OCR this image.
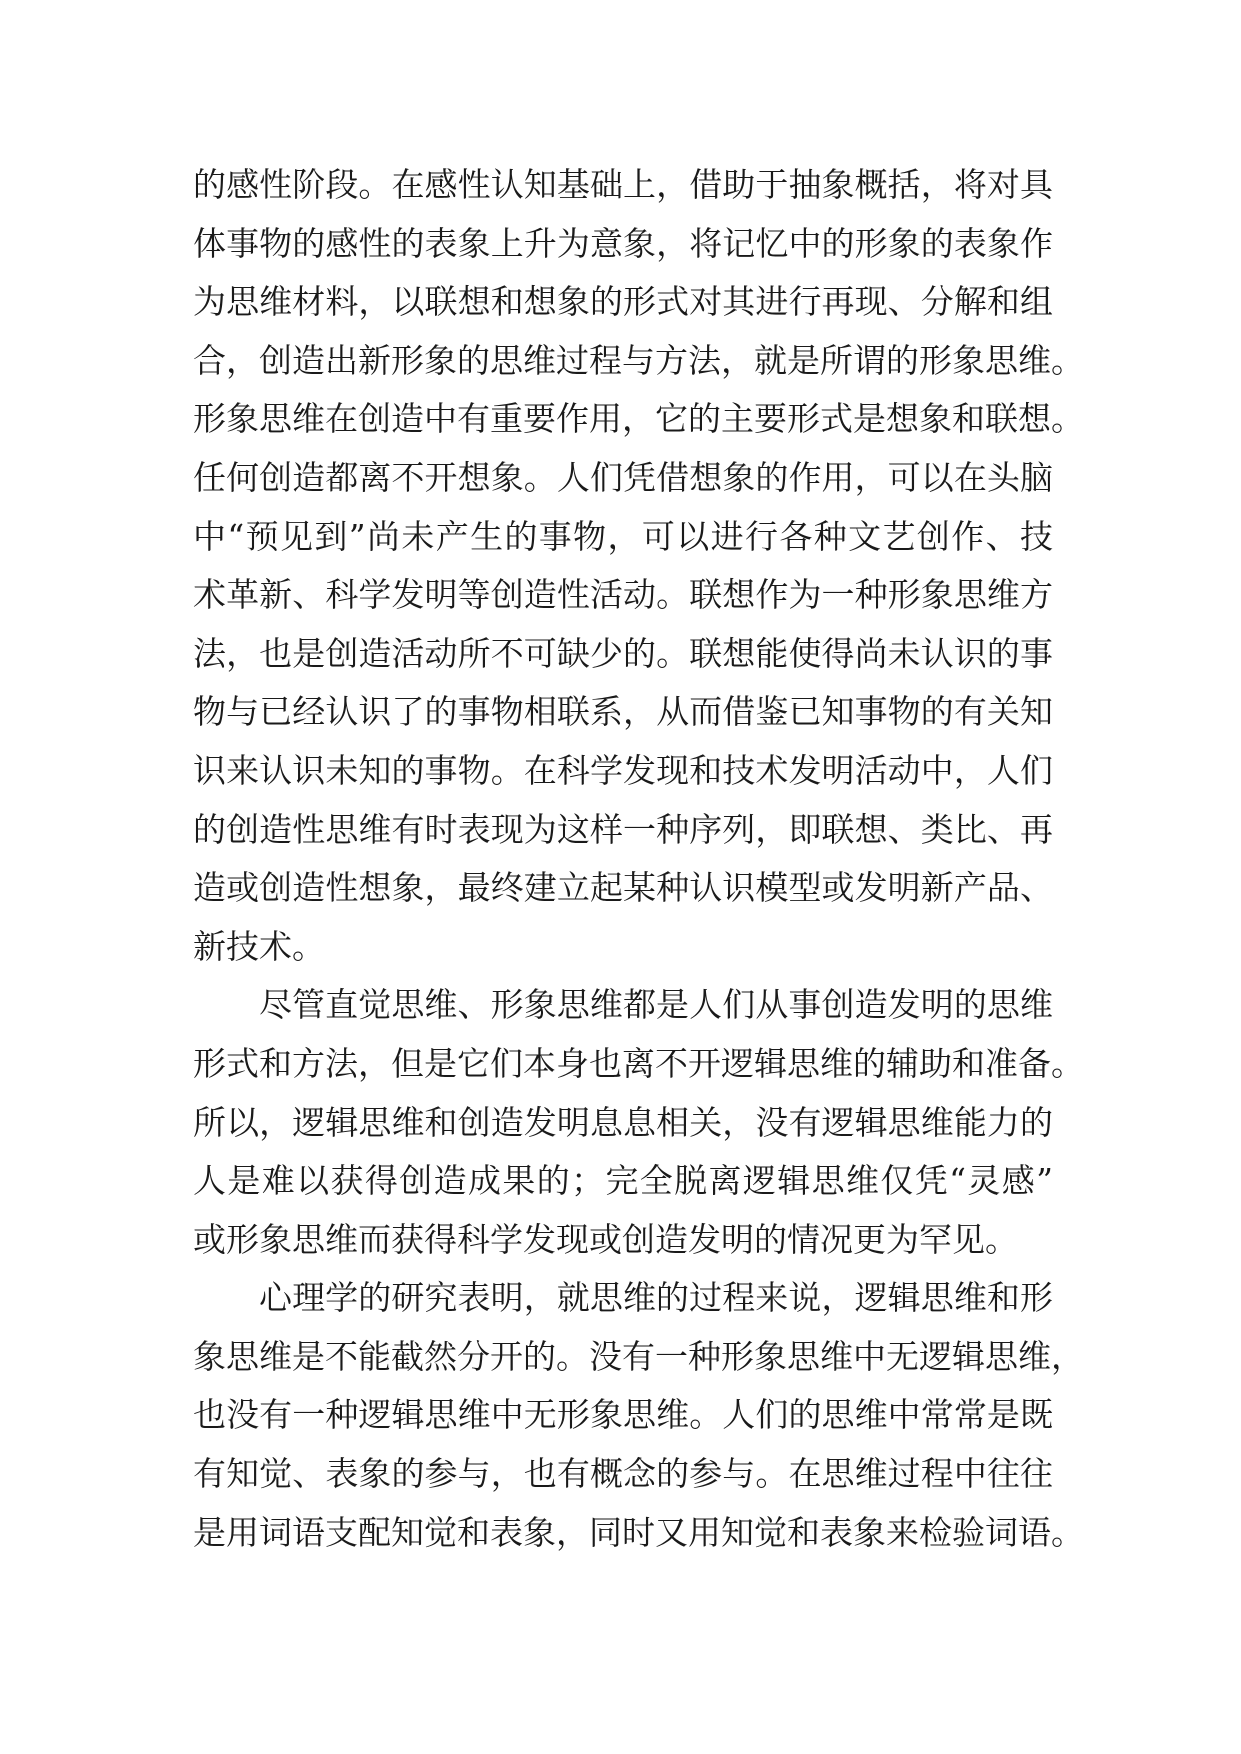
的感性阶段。在感性认知基础上，借助于抽象概括，将对具
体事物的感性的表象上升为意象，将记忆中的形象的表象作
为思维材料，以联想和想象的形式对其进行再现、分解和组
合，创造出新形象的思维过程与方法，就是所谓的形象思维。
形象思维在创造中有重要作用，它的主要形式是想象和联想。
任何创造都离不开想象。人们凭借想象的作用，可以在头脑
中“预见到”尚未产生的事物，可以进行各种文艺创作、技
术革新、科学发明等创造性活动。联想作为一种形象思维方
法，也是创造活动所不可缺少的。联想能使得尚未认识的事
物与已经认识了的事物相联系，从而借鉴已知事物的有关知
识来认识未知的事物。在科学发现和技术发明活动中，人们
的创造性思维有时表现为这样一种序列，即联想、类比、再
造或创造性想象，最终建立起某种认识模型或发明新产品、
新技术。
尽管直觉思维、形象思维都是人们从事创造发明的思维
形式和方法，但是它们本身也离不开逻辑思维的辅助和准备。
所以，逻辑思维和创造发明息息相关，没有逻辑思维能力的
人是难以获得创造成果的；完全脱离逻辑思维仅凭“灵感”
或形象思维而获得科学发现或创造发明的情况更为罕见。
心理学的研究表明，就思维的过程来说，逻辑思维和形
象思维是不能截然分开的。没有一种形象思维中无逻辑思维，
也没有一种逻辑思维中无形象思维。人们的思维中常常是既
有知觉、表象的参与，也有概念的参与。在思维过程中往往
是用词语支配知觉和表象，同时又用知觉和表象来检验词语。
